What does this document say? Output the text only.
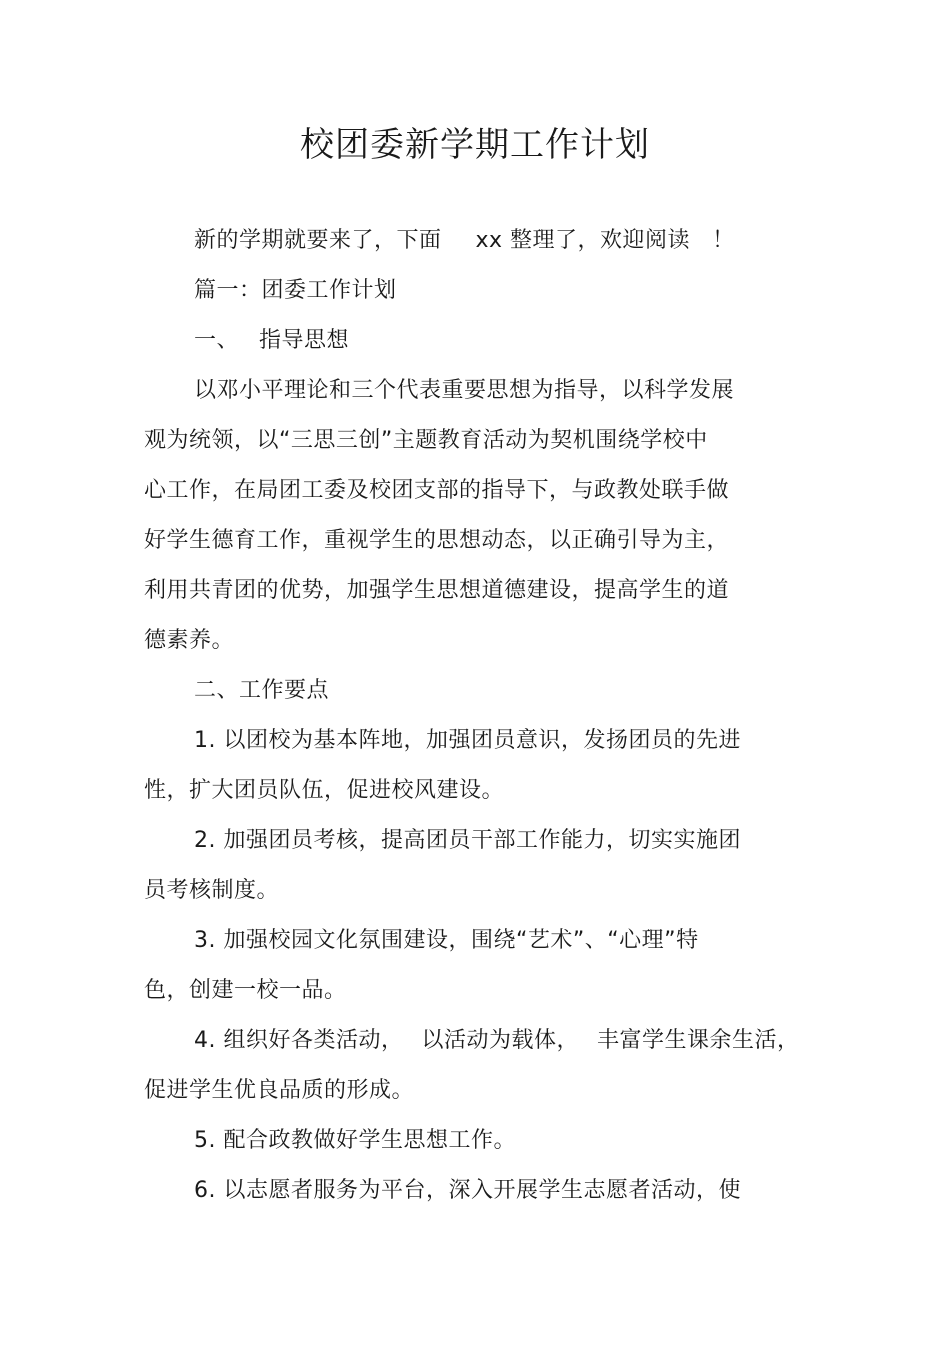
校团委新学期工作计划

新的学期就要来了，下面 xx 整理了，欢迎阅读 ！

篇一：团委工作计划

一、 指导思想

以邓小平理论和三个代表重要思想为指导，以科学发展

观为统领，以“三思三创”主题教育活动为契机围绕学校中

心工作，在局团工委及校团支部的指导下，与政教处联手做

好学生德育工作，重视学生的思想动态，以正确引导为主，

利用共青团的优势，加强学生思想道德建设，提高学生的道

德素养。

二、工作要点

1. 以团校为基本阵地，加强团员意识，发扬团员的先进

性，扩大团员队伍，促进校风建设。

2. 加强团员考核，提高团员干部工作能力，切实实施团

员考核制度。

3. 加强校园文化氛围建设，围绕“艺术”、“心理”特

色，创建一校一品。

4. 组织好各类活动， 以活动为载体， 丰富学生课余生活，

促进学生优良品质的形成。

5. 配合政教做好学生思想工作。

6. 以志愿者服务为平台，深入开展学生志愿者活动，使
